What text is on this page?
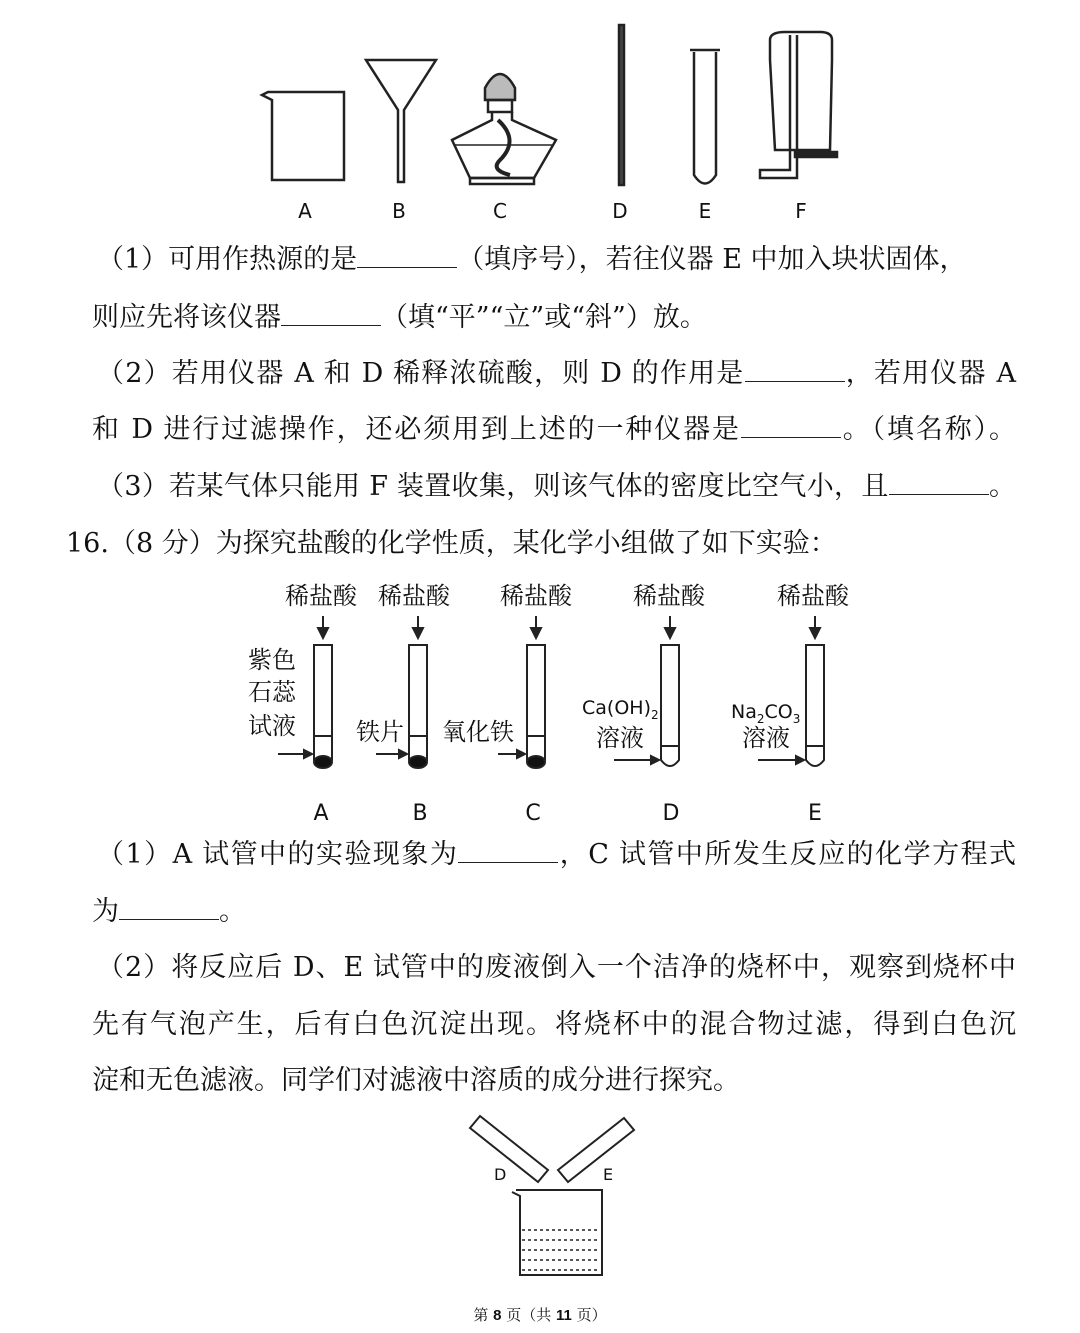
A	B	C	D	E	F
（1）可用作热源的是	（填序号），若往仪器 E 中加入块状固体，
则应先将该仪器	（填“平”“立”或“斜”）放。
（2）若用仪器 A 和 D 稀释浓硫酸，则 D 的作用是	，若用仪器 A
和 D 进行过滤操作，还必须用到上述的一种仪器是	。（填名称）。
（3）若某气体只能用 F 装置收集，则该气体的密度比空气小，且	。
16.（8 分）为探究盐酸的化学性质，某化学小组做了如下实验：
（1）A 试管中的实验现象为	，C 试管中所发生反应的化学方程式
为	。
（2）将反应后 D、E 试管中的废液倒入一个洁净的烧杯中，观察到烧杯中
先有气泡产生，后有白色沉淀出现。将烧杯中的混合物过滤，得到白色沉
淀和无色滤液。同学们对滤液中溶质的成分进行探究。
稀盐酸 稀盐酸 稀盐酸	稀盐酸	稀盐酸
紫色
石蕊
试液	铁片 氧化铁
$Ca(OH)_2$
溶液
$Na_2CO_3$
溶液
A	B	C	D	E
D	E
第 8 页（共 11 页）
